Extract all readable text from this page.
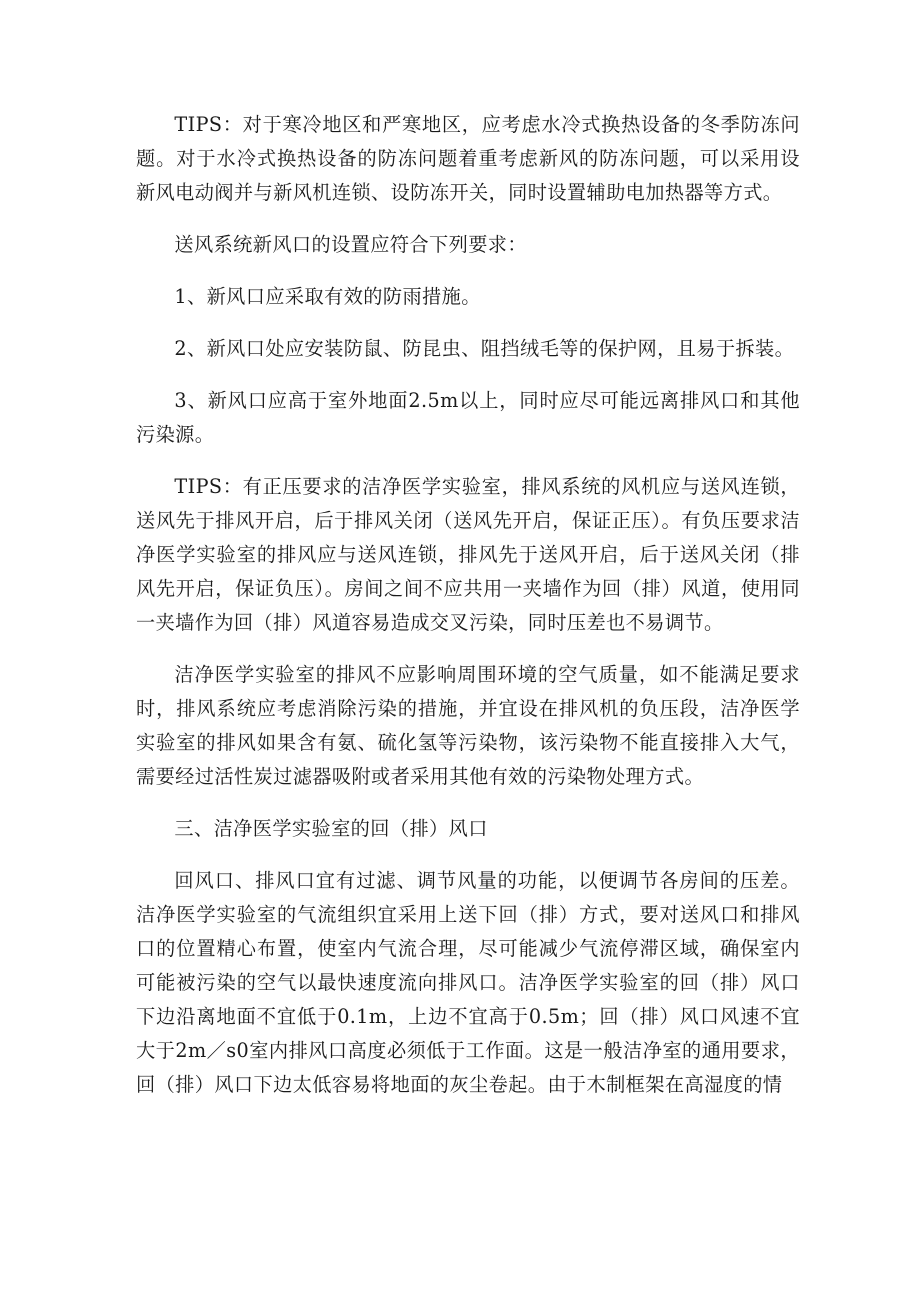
TIPS：对于寒冷地区和严寒地区，应考虑水冷式换热设备的冬季防冻问题。对于水冷式换热设备的防冻问题着重考虑新风的防冻问题，可以采用设新风电动阀并与新风机连锁、设防冻开关，同时设置辅助电加热器等方式。

送风系统新风口的设置应符合下列要求：

1、新风口应采取有效的防雨措施。

2、新风口处应安装防鼠、防昆虫、阻挡绒毛等的保护网，且易于拆装。

3、新风口应高于室外地面2.5m以上，同时应尽可能远离排风口和其他污染源。

TIPS：有正压要求的洁净医学实验室，排风系统的风机应与送风连锁，送风先于排风开启，后于排风关闭（送风先开启，保证正压）。有负压要求洁净医学实验室的排风应与送风连锁，排风先于送风开启，后于送风关闭（排风先开启，保证负压）。房间之间不应共用一夹墙作为回（排）风道，使用同一夹墙作为回（排）风道容易造成交叉污染，同时压差也不易调节。

洁净医学实验室的排风不应影响周围环境的空气质量，如不能满足要求时，排风系统应考虑消除污染的措施，并宜设在排风机的负压段，洁净医学实验室的排风如果含有氨、硫化氢等污染物，该污染物不能直接排入大气，需要经过活性炭过滤器吸附或者采用其他有效的污染物处理方式。

三、洁净医学实验室的回（排）风口

回风口、排风口宜有过滤、调节风量的功能，以便调节各房间的压差。洁净医学实验室的气流组织宜采用上送下回（排）方式，要对送风口和排风口的位置精心布置，使室内气流合理，尽可能减少气流停滞区域，确保室内可能被污染的空气以最快速度流向排风口。洁净医学实验室的回（排）风口下边沿离地面不宜低于0.1m，上边不宜高于0.5m；回（排）风口风速不宜大于2m／s0室内排风口高度必须低于工作面。这是一般洁净室的通用要求，回（排）风口下边太低容易将地面的灰尘卷起。由于木制框架在高湿度的情
